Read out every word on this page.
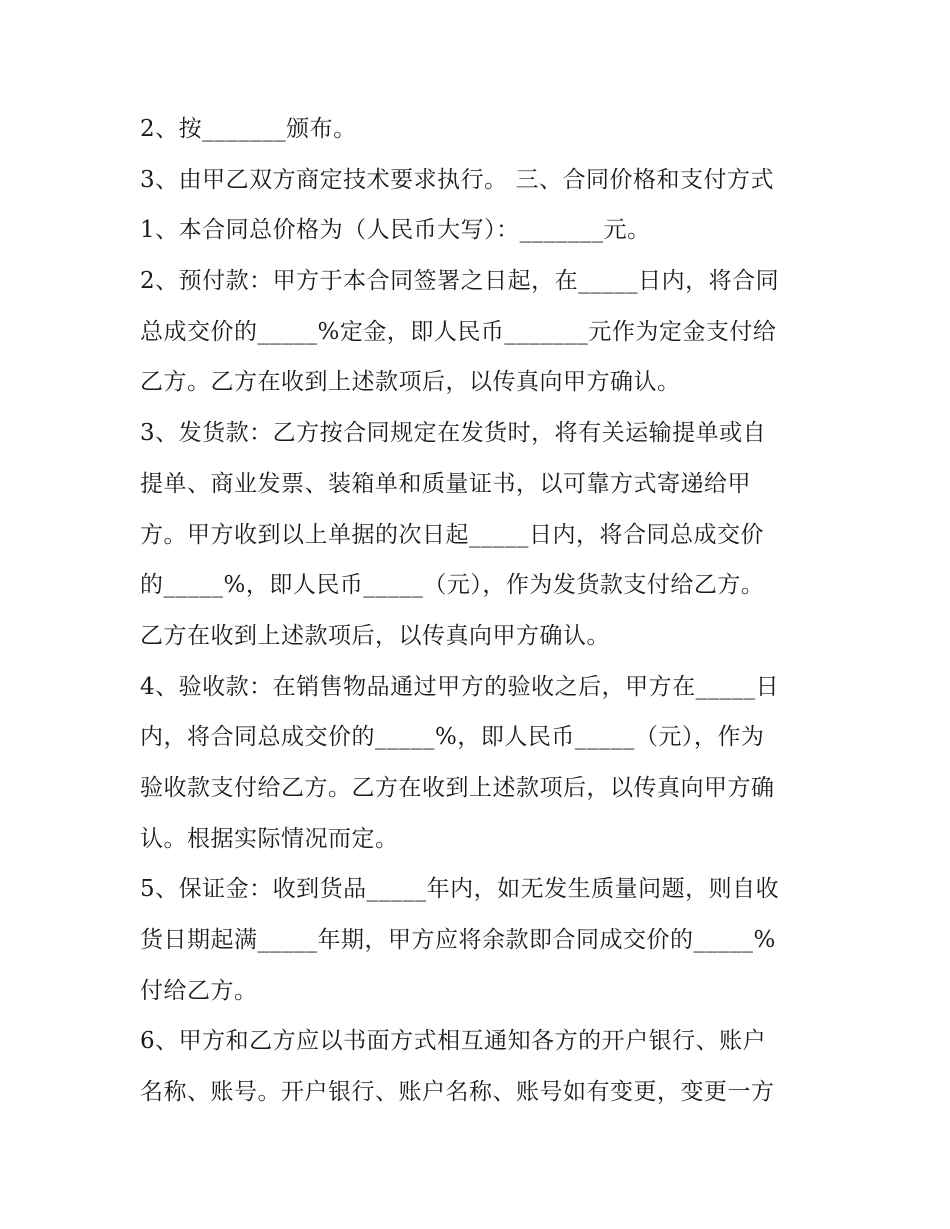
2、按_______颁布。
3、由甲乙双方商定技术要求执行。 三、合同价格和支付方式
1、本合同总价格为（人民币大写）：_______元。
2、预付款：甲方于本合同签署之日起，在_____日内，将合同
总成交价的_____%定金，即人民币_______元作为定金支付给
乙方。乙方在收到上述款项后，以传真向甲方确认。
3、发货款：乙方按合同规定在发货时，将有关运输提单或自
提单、商业发票、装箱单和质量证书，以可靠方式寄递给甲
方。甲方收到以上单据的次日起_____日内，将合同总成交价
的_____%，即人民币_____（元），作为发货款支付给乙方。
乙方在收到上述款项后，以传真向甲方确认。
4、验收款：在销售物品通过甲方的验收之后，甲方在_____日
内，将合同总成交价的_____%，即人民币_____（元），作为
验收款支付给乙方。乙方在收到上述款项后，以传真向甲方确
认。根据实际情况而定。
5、保证金：收到货品_____年内，如无发生质量问题，则自收
货日期起满_____年期，甲方应将余款即合同成交价的_____%
付给乙方。
6、甲方和乙方应以书面方式相互通知各方的开户银行、账户
名称、账号。开户银行、账户名称、账号如有变更，变更一方
